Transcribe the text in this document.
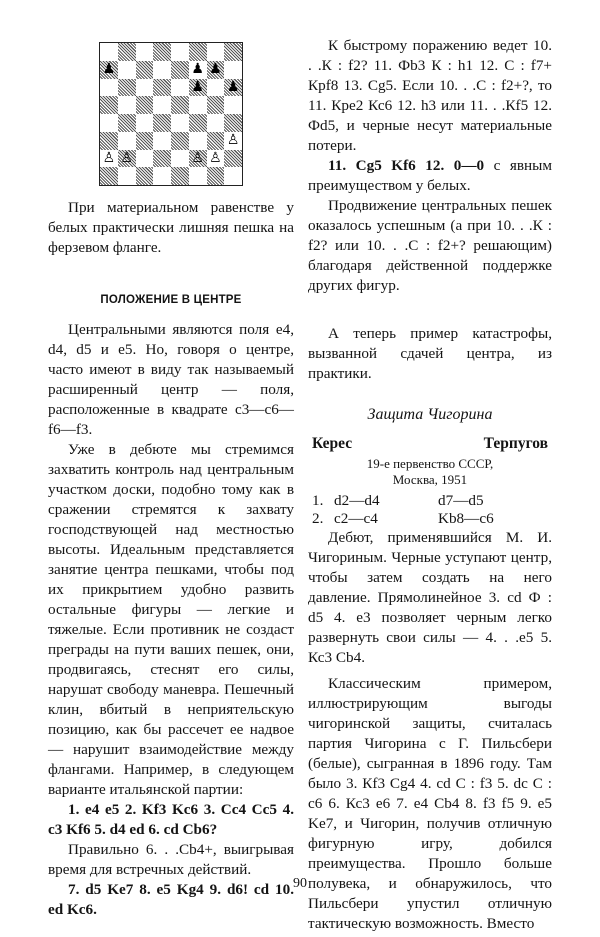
♟	♟ ♟
♟ ♟
♙
♙ ♙	♙ ♙

При материальном равенстве у белых практически лишняя пешка на ферзевом фланге.

ПОЛОЖЕНИЕ В ЦЕНТРЕ

Центральными являются поля e4, d4, d5 и e5. Но, говоря о центре, часто имеют в виду так называемый расширенный центр — поля, расположенные в квадрате c3—c6—f6—f3.

Уже в дебюте мы стремимся захватить контроль над центральным участком доски, подобно тому как в сражении стремятся к захвату господствующей над местностью высоты. Идеальным представляется занятие центра пешками, чтобы под их прикрытием удобно развить остальные фигуры — легкие и тяжелые. Если противник не создаст преграды на пути ваших пешек, они, продвигаясь, стеснят его силы, нарушат свободу маневра. Пешечный клин, вбитый в неприятельскую позицию, как бы рассечет ее надвое — нарушит взаимодействие между флангами. Например, в следующем варианте итальянской партии:

1. e4 e5 2. Kf3 Kc6 3. Cc4 Cc5 4. c3 Kf6 5. d4 ed 6. cd Cb6?

Правильно 6. . .Cb4+, выигрывая время для встречных действий.

7. d5 Ke7 8. e5 Kg4 9. d6! cd 10. ed Kc6.

К быстрому поражению ведет 10. . .К : f2? 11. Фb3 К : h1 12. С : f7+ Крf8 13. Cg5. Если 10. . .С : f2+?, то 11. Кре2 Кс6 12. h3 или 11. . .Кf5 12. Фd5, и черные несут материальные потери.

11. Cg5 Kf6 12. 0—0 с явным преимуществом у белых.

Продвижение центральных пешек оказалось успешным (а при 10. . .К : f2? или 10. . .С : f2+? решающим) благодаря действенной поддержке других фигур.

А теперь пример катастрофы, вызванной сдачей центра, из практики.

Защита Чигорина
Керес	Терпугов
19-е первенство СССР, Москва, 1951
1. d2—d4	d7—d5
2. c2—c4	Kb8—c6

Дебют, применявшийся М. И. Чигориным. Черные уступают центр, чтобы затем создать на него давление. Прямолинейное 3. cd Ф : d5 4. e3 позволяет черным легко развернуть свои силы — 4. . .e5 5. Кс3 Сb4.

Классическим примером, иллюстрирующим выгоды чигоринской защиты, считалась партия Чигорина с Г. Пильсбери (белые), сыгранная в 1896 году. Там было 3. Кf3 Cg4 4. cd С : f3 5. dc С : c6 6. Кс3 e6 7. e4 Cb4 8. f3 f5 9. e5 Ke7, и Чигорин, получив отличную фигурную игру, добился преимущества. Прошло больше полувека, и обнаружилось, что Пильсбери упустил отличную тактическую возможность. Вместо

90
